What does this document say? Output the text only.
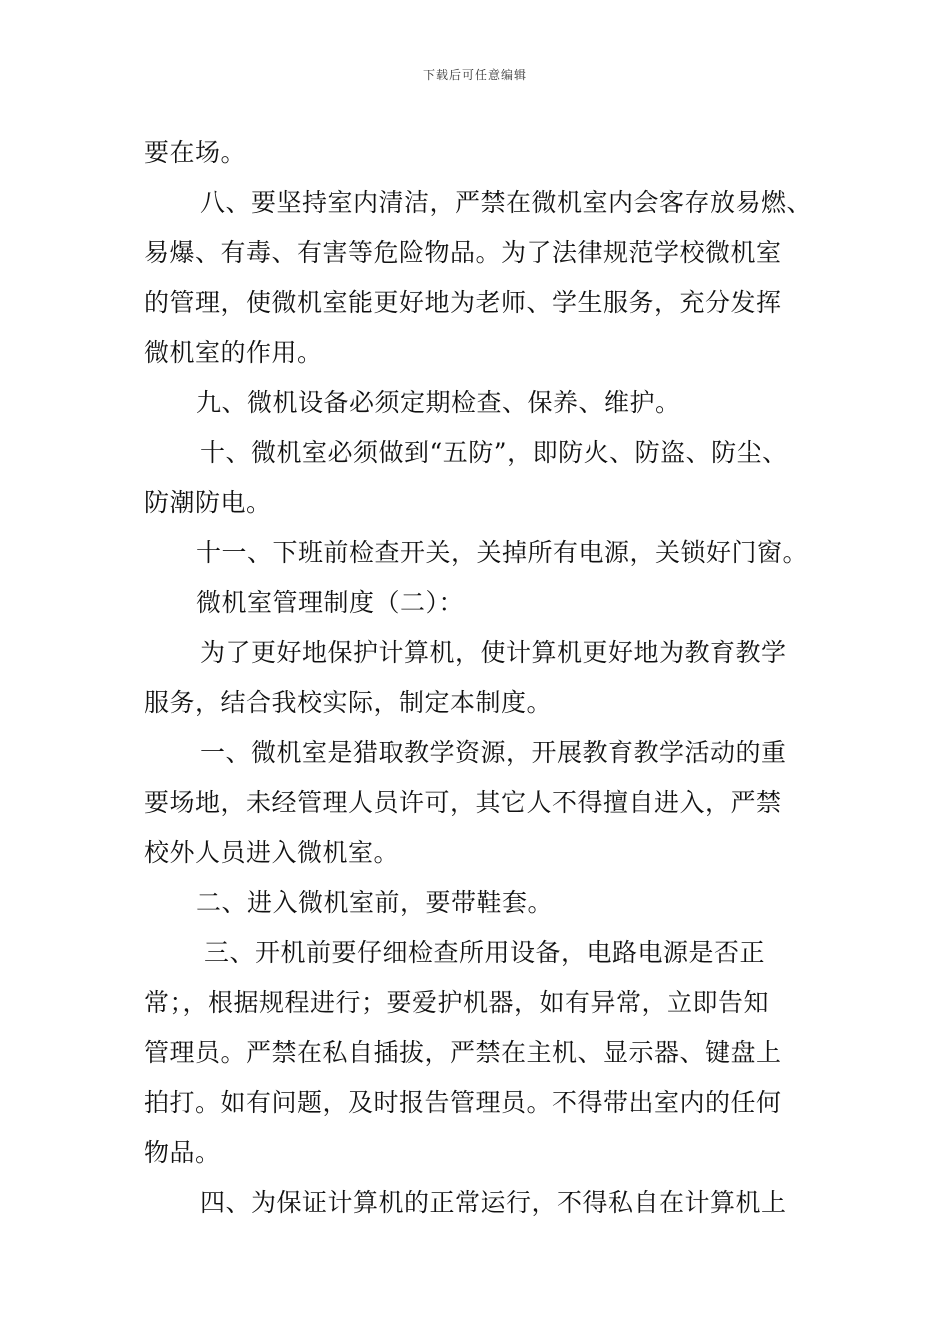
下载后可任意编辑
要在场。
八、要坚持室内清洁，严禁在微机室内会客存放易燃、
易爆、有毒、有害等危险物品。为了法律规范学校微机室
的管理，使微机室能更好地为老师、学生服务，充分发挥
微机室的作用。
九、微机设备必须定期检查、保养、维护。
十、微机室必须做到“五防”，即防火、防盗、防尘、
防潮防电。
十一、下班前检查开关，关掉所有电源，关锁好门窗。
微机室管理制度（二）：
为了更好地保护计算机，使计算机更好地为教育教学
服务，结合我校实际，制定本制度。
一、微机室是猎取教学资源，开展教育教学活动的重
要场地，未经管理人员许可，其它人不得擅自进入，严禁
校外人员进入微机室。
二、进入微机室前，要带鞋套。
三、开机前要仔细检查所用设备，电路电源是否正
常；，根据规程进行；要爱护机器，如有异常，立即告知
管理员。严禁在私自插拔，严禁在主机、显示器、键盘上
拍打。如有问题，及时报告管理员。不得带出室内的任何
物品。
四、为保证计算机的正常运行，不得私自在计算机上
